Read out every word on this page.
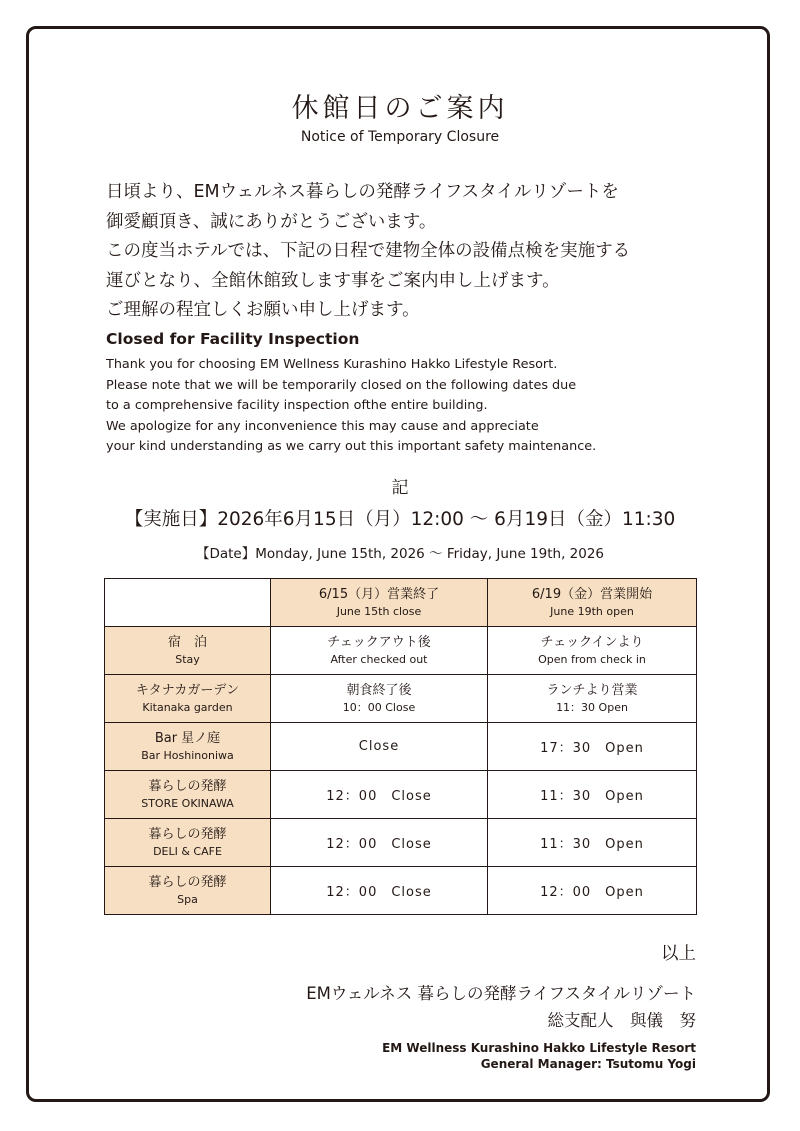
休館日のご案内
Notice of Temporary Closure
日頃より、EMウェルネス暮らしの発酵ライフスタイルリゾートを
御愛顧頂き、誠にありがとうございます。
この度当ホテルでは、下記の日程で建物全体の設備点検を実施する
運びとなり、全館休館致します事をご案内申し上げます。
ご理解の程宜しくお願い申し上げます。
Closed for Facility Inspection
Thank you for choosing EM Wellness Kurashino Hakko Lifestyle Resort.
Please note that we will be temporarily closed on the following dates due
to a comprehensive facility inspection ofthe entire building.
We apologize for any inconvenience this may cause and appreciate
your kind understanding as we carry out this important safety maintenance.
記
【実施日】2026年6月15日（月）12:00 〜 6月19日（金）11:30
【Date】Monday, June 15th, 2026 〜 Friday, June 19th, 2026

	6/15（月）営業終了
June 15th close	6/19（金）営業開始
June 19th open

宿　泊
Stay	チェックアウト後
After checked out	チェックインより
Open from check in

キタナカガーデン
Kitanaka garden	朝食終了後
10：00 Close	ランチより営業
11：30 Open

Bar 星ノ庭
Bar Hoshinoniwa	Close	17：30　Open

暮らしの発酵
STORE OKINAWA	12：00　Close	11：30　Open

暮らしの発酵
DELI & CAFE	12：00　Close	11：30　Open

暮らしの発酵
Spa	12：00　Close	12：00　Open
以上
EMウェルネス 暮らしの発酵ライフスタイルリゾート
総支配人　與儀　努
EM Wellness Kurashino Hakko Lifestyle Resort
General Manager: Tsutomu Yogi
